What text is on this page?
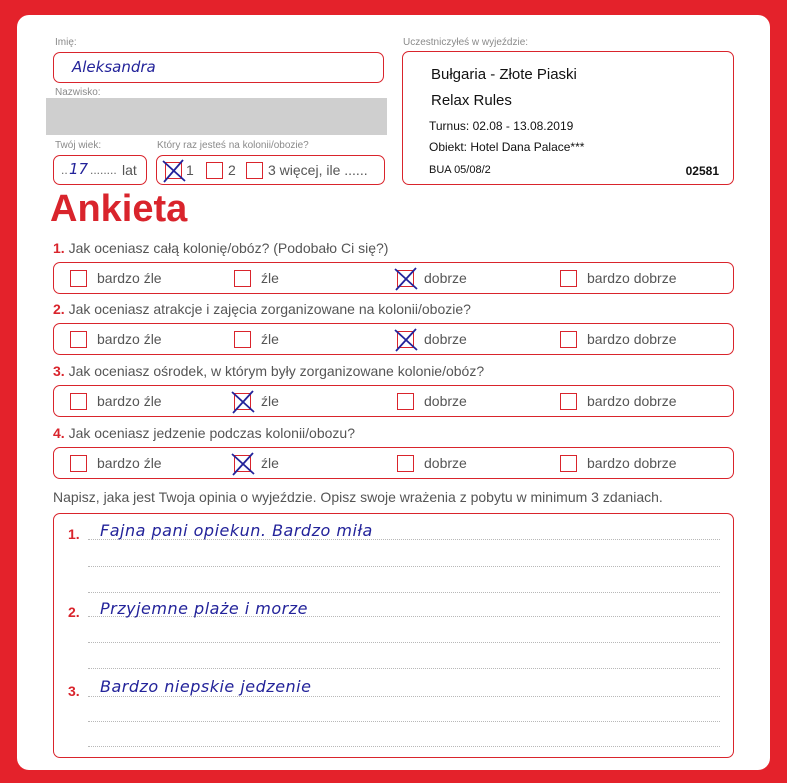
Imię:
Aleksandra
Nazwisko:
Twój wiek:
.. 17 ........ lat
Który raz jesteś na kolonii/obozie?
1 2 3 więcej, ile ......
Uczestniczyłeś w wyjeździe:
Bułgaria - Złote Piaski
Relax Rules
Turnus: 02.08 - 13.08.2019
Obiekt: Hotel Dana Palace***
BUA 05/08/2	02581
Ankieta
1. Jak oceniasz całą kolonię/obóz? (Podobało Ci się?)
bardzo źle	źle	dobrze	bardzo dobrze
2. Jak oceniasz atrakcje i zajęcia zorganizowane na kolonii/obozie?
bardzo źle	źle	dobrze	bardzo dobrze
3. Jak oceniasz ośrodek, w którym były zorganizowane kolonie/obóz?
bardzo źle	źle	dobrze	bardzo dobrze
4. Jak oceniasz jedzenie podczas kolonii/obozu?
bardzo źle	źle	dobrze	bardzo dobrze
Napisz, jaka jest Twoja opinia o wyjeździe. Opisz swoje wrażenia z pobytu w minimum 3 zdaniach.
1. Fajna pani opiekun. Bardzo miła
2. Przyjemne plaże i morze
3. Bardzo niepskie jedzenie
